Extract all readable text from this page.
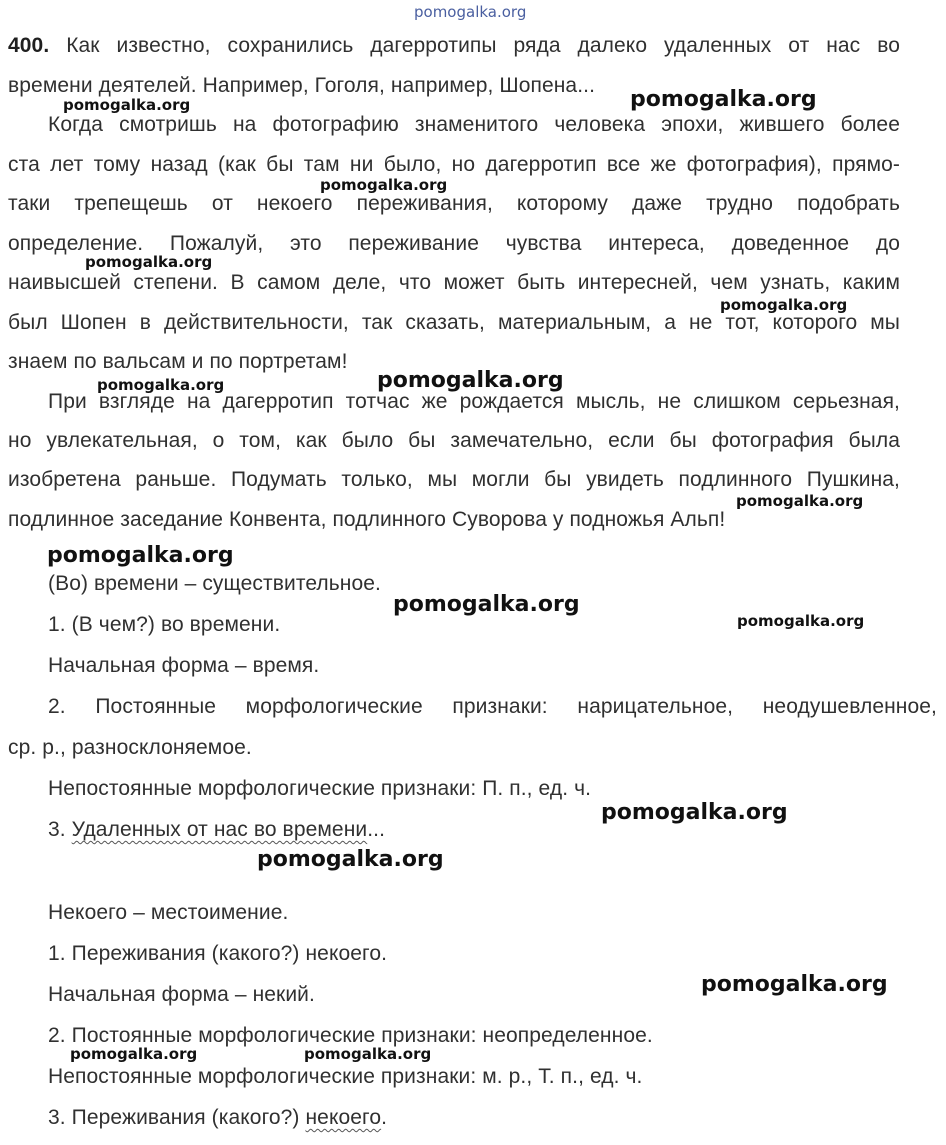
pomogalka.org
400. Как известно, сохранились дагерротипы ряда далеко удаленных от нас во
времени деятелей. Например, Гоголя, например, Шопена...
Когда смотришь на фотографию знаменитого человека эпохи, жившего более
ста лет тому назад (как бы там ни было, но дагерротип все же фотография), прямо-
таки трепещешь от некоего переживания, которому даже трудно подобрать
определение. Пожалуй, это переживание чувства интереса, доведенное до
наивысшей степени. В самом деле, что может быть интересней, чем узнать, каким
был Шопен в действительности, так сказать, материальным, а не тот, которого мы
знаем по вальсам и по портретам!
При взгляде на дагерротип тотчас же рождается мысль, не слишком серьезная,
но увлекательная, о том, как было бы замечательно, если бы фотография была
изобретена раньше. Подумать только, мы могли бы увидеть подлинного Пушкина,
подлинное заседание Конвента, подлинного Суворова у подножья Альп!
(Во) времени – существительное.
1. (В чем?) во времени.
Начальная форма – время.
2. Постоянные морфологические признаки: нарицательное, неодушевленное,
ср. р., разносклоняемое.
Непостоянные морфологические признаки: П. п., ед. ч.
3. Удаленных от нас во времени...
Некоего – местоимение.
1. Переживания (какого?) некоего.
Начальная форма – некий.
2. Постоянные морфологические признаки: неопределенное.
Непостоянные морфологические признаки: м. р., Т. п., ед. ч.
3. Переживания (какого?) некоего.
pomogalka.org	pomogalka.org
pomogalka.org
pomogalka.org
pomogalka.org
pomogalka.org	pomogalka.org
pomogalka.org
pomogalka.org
pomogalka.org
pomogalka.org
pomogalka.org
pomogalka.org
pomogalka.org
pomogalka.org	pomogalka.org
